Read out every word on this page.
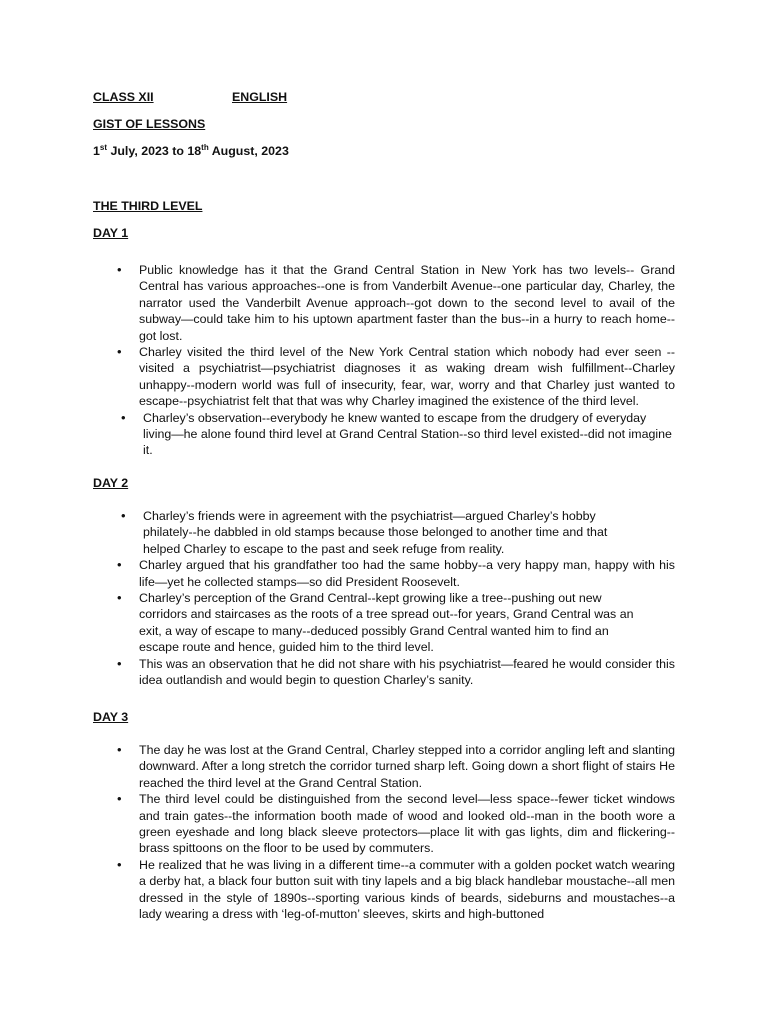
CLASS XII	ENGLISH
GIST OF LESSONS
1st July, 2023 to 18th August, 2023
THE THIRD LEVEL
DAY 1
• Public knowledge has it that the Grand Central Station in New York has two levels-- Grand Central has various approaches--one is from Vanderbilt Avenue--one particular day, Charley, the narrator used the Vanderbilt Avenue approach--got down to the second level to avail of the subway—could take him to his uptown apartment faster than the bus--in a hurry to reach home--got lost.
• Charley visited the third level of the New York Central station which nobody had ever seen --visited a psychiatrist—psychiatrist diagnoses it as waking dream wish fulfillment--Charley unhappy--modern world was full of insecurity, fear, war, worry and that Charley just wanted to escape--psychiatrist felt that that was why Charley imagined the existence of the third level.
• Charley’s observation--everybody he knew wanted to escape from the drudgery of everyday living—he alone found third level at Grand Central Station--so third level existed--did not imagine it.
DAY 2
• Charley’s friends were in agreement with the psychiatrist—argued Charley’s hobby philately--he dabbled in old stamps because those belonged to another time and that helped Charley to escape to the past and seek refuge from reality.
• Charley argued that his grandfather too had the same hobby--a very happy man, happy with his life—yet he collected stamps—so did President Roosevelt.
• Charley’s perception of the Grand Central--kept growing like a tree--pushing out new corridors and staircases as the roots of a tree spread out--for years, Grand Central was an exit, a way of escape to many--deduced possibly Grand Central wanted him to find an escape route and hence, guided him to the third level.
• This was an observation that he did not share with his psychiatrist—feared he would consider this idea outlandish and would begin to question Charley’s sanity.
DAY 3
• The day he was lost at the Grand Central, Charley stepped into a corridor angling left and slanting downward. After a long stretch the corridor turned sharp left. Going down a short flight of stairs He reached the third level at the Grand Central Station.
• The third level could be distinguished from the second level—less space--fewer ticket windows and train gates--the information booth made of wood and looked old--man in the booth wore a green eyeshade and long black sleeve protectors—place lit with gas lights, dim and flickering--brass spittoons on the floor to be used by commuters.
• He realized that he was living in a different time--a commuter with a golden pocket watch wearing a derby hat, a black four button suit with tiny lapels and a big black handlebar moustache--all men dressed in the style of 1890s--sporting various kinds of beards, sideburns and moustaches--a lady wearing a dress with ‘leg-of-mutton’ sleeves, skirts and high-buttoned
